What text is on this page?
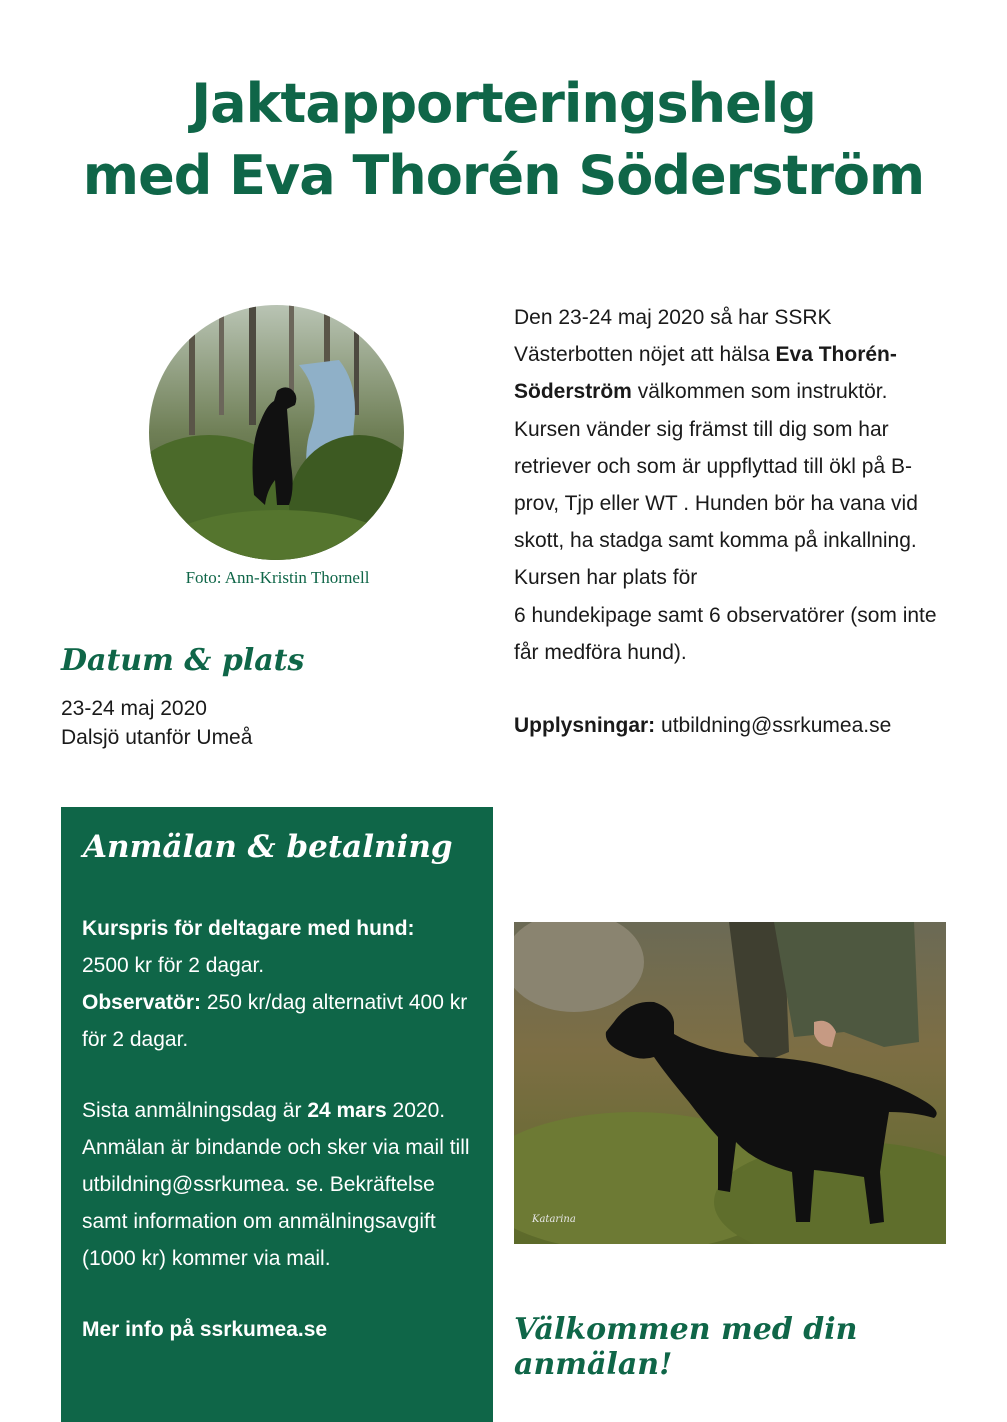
Jaktapporteringshelg
med Eva Thorén Söderström
Foto: Ann-Kristin Thornell
Datum & plats
23-24 maj 2020
Dalsjö utanför Umeå
Den 23-24 maj 2020 så har SSRK Västerbotten nöjet att hälsa Eva Thorén-Söderström välkommen som instruktör. Kursen vänder sig främst till dig som har retriever och som är uppflyttad till ökl på B-prov, Tjp eller WT . Hunden bör ha vana vid skott, ha stadga samt komma på inkallning. Kursen har plats för
6 hundekipage samt 6 observatörer (som inte får medföra hund).
Upplysningar: utbildning@ssrkumea.se
Anmälan & betalning

Kurspris för deltagare med hund:

2500 kr för 2 dagar.

Observatör: 250 kr/dag alternativt 400 kr för 2 dagar.

Sista anmälningsdag är 24 mars 2020. Anmälan är bindande och sker via mail till utbildning@ssrkumea. se. Bekräftelse samt information om anmälningsavgift (1000 kr) kommer via mail.

Mer info på ssrkumea.se

Katarina
Välkommen med din anmälan!
